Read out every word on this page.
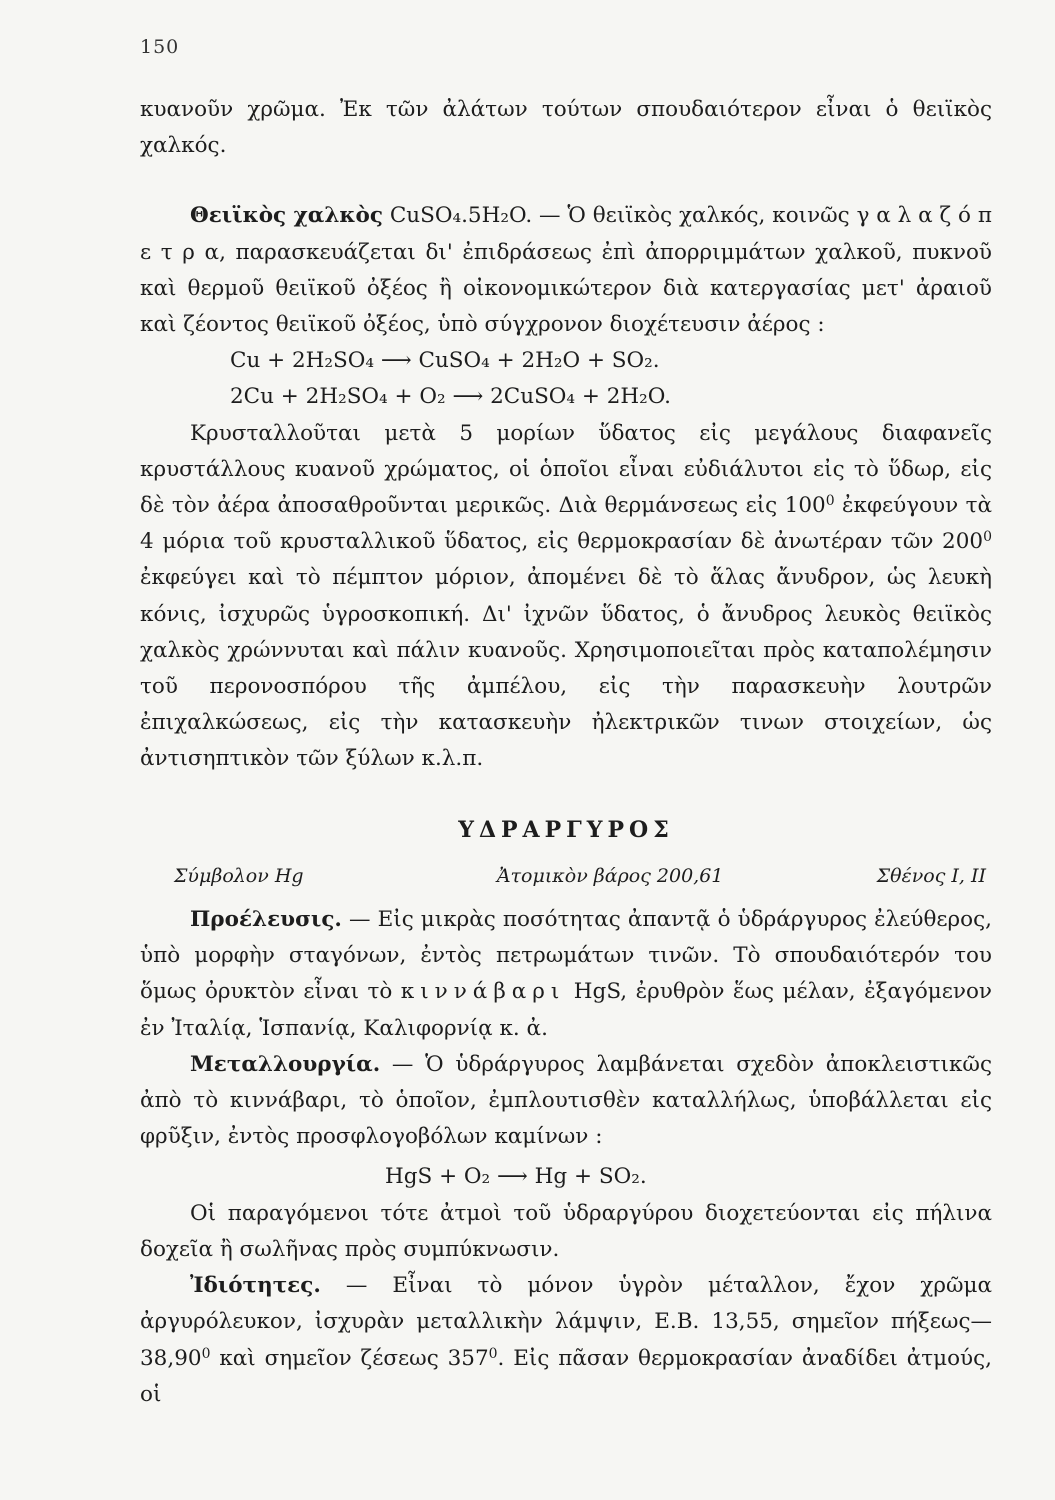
150

κυανοῦν χρῶμα. Ἐκ τῶν ἀλάτων τούτων σπουδαιότερον εἶναι ὁ θειϊκὸς χαλκός.

Θειϊκὸς χαλκὸς CuSO₄.5H₂O. — Ὁ θειϊκὸς χαλκός, κοινῶς γ α λ α ζ ό π ε τ ρ α, παρασκευάζεται δι' ἐπιδράσεως ἐπὶ ἀπορριμμάτων χαλκοῦ, πυκνοῦ καὶ θερμοῦ θειϊκοῦ ὀξέος ἢ οἰκονομικώτερον διὰ κατεργασίας μετ' ἀραιοῦ καὶ ζέοντος θειϊκοῦ ὀξέος, ὑπὸ σύγχρονον διοχέτευσιν ἀέρος :

Cu + 2H₂SO₄ ⟶ CuSO₄ + 2H₂O + SO₂.

2Cu + 2H₂SO₄ + O₂ ⟶ 2CuSO₄ + 2H₂O.

Κρυσταλλοῦται μετὰ 5 μορίων ὕδατος εἰς μεγάλους διαφανεῖς κρυστάλλους κυανοῦ χρώματος, οἱ ὁποῖοι εἶναι εὐδιάλυτοι εἰς τὸ ὕδωρ, εἰς δὲ τὸν ἀέρα ἀποσαθροῦνται μερικῶς. Διὰ θερμάνσεως εἰς $100^0$ ἐκφεύγουν τὰ 4 μόρια τοῦ κρυσταλλικοῦ ὕδατος, εἰς θερμοκρασίαν δὲ ἀνωτέραν τῶν $200^0$ ἐκφεύγει καὶ τὸ πέμπτον μόριον, ἀπομένει δὲ τὸ ἅλας ἄνυδρον, ὡς λευκὴ κόνις, ἰσχυρῶς ὑγροσκοπική. Δι' ἰχνῶν ὕδατος, ὁ ἄνυδρος λευκὸς θειϊκὸς χαλκὸς χρώννυται καὶ πάλιν κυανοῦς. Χρησιμοποιεῖται πρὸς καταπολέμησιν τοῦ περονοσπόρου τῆς ἀμπέλου, εἰς τὴν παρασκευὴν λουτρῶν ἐπιχαλκώσεως, εἰς τὴν κατασκευὴν ἠλεκτρικῶν τινων στοιχείων, ὡς ἀντισηπτικὸν τῶν ξύλων κ.λ.π.

ΥΔΡΑΡΓΥΡΟΣ

Σύμβολον Hg	Ἀτομικὸν βάρος 200,61	Σθένος I, II

Προέλευσις. — Εἰς μικρὰς ποσότητας ἀπαντᾷ ὁ ὑδράργυρος ἐλεύθερος, ὑπὸ μορφὴν σταγόνων, ἐντὸς πετρωμάτων τινῶν. Τὸ σπουδαιότερόν του ὅμως ὀρυκτὸν εἶναι τὸ κιννάβαρι HgS, ἐρυθρὸν ἕως μέλαν, ἐξαγόμενον ἐν Ἰταλίᾳ, Ἱσπανίᾳ, Καλιφορνίᾳ κ. ἀ.

Μεταλλουργία. — Ὁ ὑδράργυρος λαμβάνεται σχεδὸν ἀποκλειστικῶς ἀπὸ τὸ κιννάβαρι, τὸ ὁποῖον, ἐμπλουτισθὲν καταλλήλως, ὑποβάλλεται εἰς φρῦξιν, ἐντὸς προσφλογοβόλων καμίνων :

HgS + O₂ ⟶ Hg + SO₂.

Οἱ παραγόμενοι τότε ἀτμοὶ τοῦ ὑδραργύρου διοχετεύονται εἰς πήλινα δοχεῖα ἢ σωλῆνας πρὸς συμπύκνωσιν.

Ἰδιότητες. — Εἶναι τὸ μόνον ὑγρὸν μέταλλον, ἔχον χρῶμα ἀργυρόλευκον, ἰσχυρὰν μεταλλικὴν λάμψιν, Ε.Β. 13,55, σημεῖον πήξεως—38,90$^0$ καὶ σημεῖον ζέσεως $357^0$. Εἰς πᾶσαν θερμοκρασίαν ἀναδίδει ἀτμούς, οἱ
